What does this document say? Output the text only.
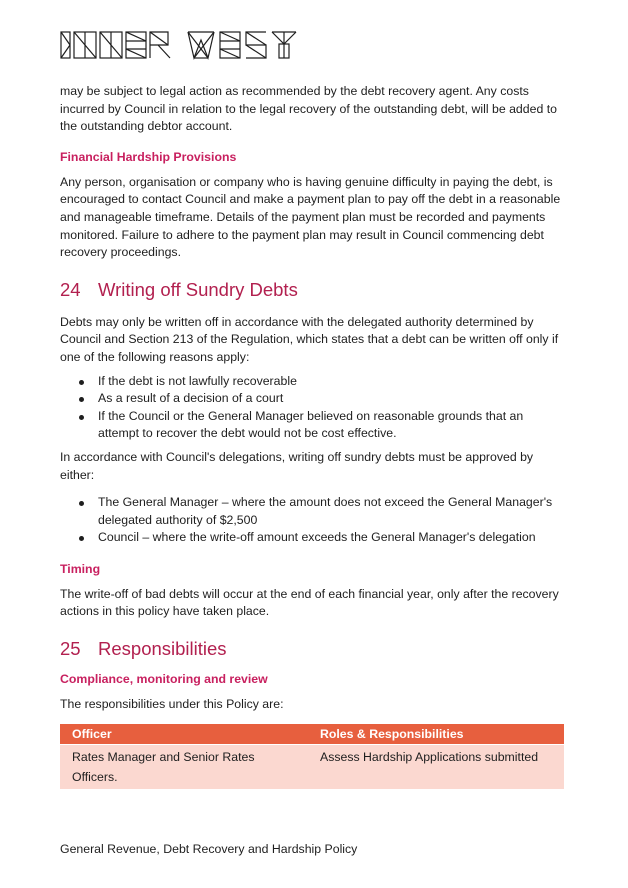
may be subject to legal action as recommended by the debt recovery agent. Any costs incurred by Council in relation to the legal recovery of the outstanding debt, will be added to the outstanding debtor account.

Financial Hardship Provisions

Any person, organisation or company who is having genuine difficulty in paying the debt, is encouraged to contact Council and make a payment plan to pay off the debt in a reasonable and manageable timeframe. Details of the payment plan must be recorded and payments monitored. Failure to adhere to the payment plan may result in Council commencing debt recovery proceedings.

24 Writing off Sundry Debts

Debts may only be written off in accordance with the delegated authority determined by Council and Section 213 of the Regulation, which states that a debt can be written off only if one of the following reasons apply:

If the debt is not lawfully recoverable
As a result of a decision of a court
If the Council or the General Manager believed on reasonable grounds that an attempt to recover the debt would not be cost effective.

In accordance with Council's delegations, writing off sundry debts must be approved by either:

The General Manager – where the amount does not exceed the General Manager's delegated authority of $2,500
Council – where the write-off amount exceeds the General Manager's delegation
Timing

The write-off of bad debts will occur at the end of each financial year, only after the recovery actions in this policy have taken place.

25 Responsibilities
Compliance, monitoring and review

The responsibilities under this Policy are:

Officer	Roles & Responsibilities
Rates Manager and Senior Rates Officers.	Assess Hardship Applications submitted
General Revenue, Debt Recovery and Hardship Policy
